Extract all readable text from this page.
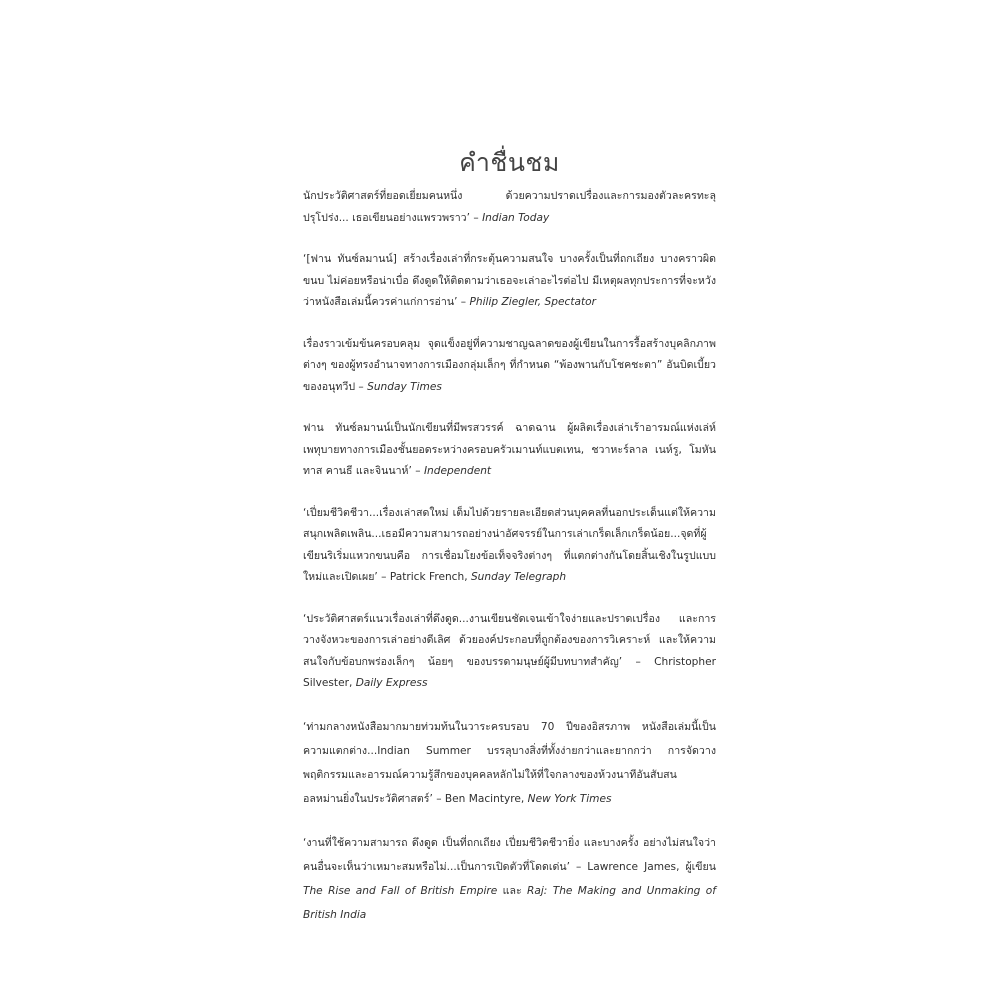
คำชื่นชม

นักประวัติศาสตร์ที่ยอดเยี่ยมคนหนึ่ง ด้วยความปราดเปรื่องและการมองตัวละครทะลุปรุโปร่ง... เธอเขียนอย่างแพรวพราว’ – Indian Today

‘[ฟาน ทันซ์ลมานน์] สร้างเรื่องเล่าที่กระตุ้นความสนใจ บางครั้งเป็นที่ถกเถียง บางคราวผิดขนบ ไม่ค่อยหรือน่าเบื่อ ดึงดูดให้ติดตามว่าเธอจะเล่าอะไรต่อไป มีเหตุผลทุกประการที่จะหวังว่าหนังสือเล่มนี้ควรค่าแก่การอ่าน’ – Philip Ziegler, Spectator

เรื่องราวเข้มข้นครอบคลุม จุดแข็งอยู่ที่ความชาญฉลาดของผู้เขียนในการรื้อสร้างบุคลิกภาพต่างๆ ของผู้ทรงอำนาจทางการเมืองกลุ่มเล็กๆ ที่กำหนด “พ้องพานกับโชคชะตา” อันบิดเบี้ยวของอนุทวีป – Sunday Times

ฟาน ทันซ์ลมานน์เป็นนักเขียนที่มีพรสวรรค์ ฉาดฉาน ผู้ผลิตเรื่องเล่าเร้าอารมณ์แห่งเล่ห์เพทุบายทางการเมืองชั้นยอดระหว่างครอบครัวเมานท์แบตเทน, ชวาหะร์ลาล เนห์รู, โมหันทาส คานธี และจินนาห์’ – Independent

‘เปี่ยมชีวิตชีวา...เรื่องเล่าสดใหม่ เต็มไปด้วยรายละเอียดส่วนบุคคลที่นอกประเด็นแต่ให้ความสนุกเพลิดเพลิน...เธอมีความสามารถอย่างน่าอัศจรรย์ในการเล่าเกร็ดเล็กเกร็ดน้อย...จุดที่ผู้เขียนริเริ่มแหวกขนบคือ การเชื่อมโยงข้อเท็จจริงต่างๆ ที่แตกต่างกันโดยสิ้นเชิงในรูปแบบใหม่และเปิดเผย’ – Patrick French, Sunday Telegraph

‘ประวัติศาสตร์แนวเรื่องเล่าที่ดึงดูด...งานเขียนชัดเจนเข้าใจง่ายและปราดเปรื่อง และการวางจังหวะของการเล่าอย่างดีเลิศ ด้วยองค์ประกอบที่ถูกต้องของการวิเคราะห์ และให้ความสนใจกับข้อบกพร่องเล็กๆ น้อยๆ ของบรรดามนุษย์ผู้มีบทบาทสำคัญ’ – Christopher Silvester, Daily Express

‘ท่ามกลางหนังสือมากมายท่วมท้นในวาระครบรอบ 70 ปีของอิสรภาพ หนังสือเล่มนี้เป็นความแตกต่าง...Indian Summer บรรลุบางสิ่งที่ทั้งง่ายกว่าและยากกว่า การจัดวางพฤติกรรมและอารมณ์ความรู้สึกของบุคคลหลักไม่ให้ที่ใจกลางของห้วงนาทีอันสับสนอลหม่านยิ่งในประวัติศาสตร์’ – Ben Macintyre, New York Times

‘งานที่ใช้ความสามารถ ดึงดูด เป็นที่ถกเถียง เปี่ยมชีวิตชีวายิ่ง และบางครั้ง อย่างไม่สนใจว่าคนอื่นจะเห็นว่าเหมาะสมหรือไม่...เป็นการเปิดตัวที่โดดเด่น’ – Lawrence James, ผู้เขียน The Rise and Fall of British Empire และ Raj: The Making and Unmaking of British India
